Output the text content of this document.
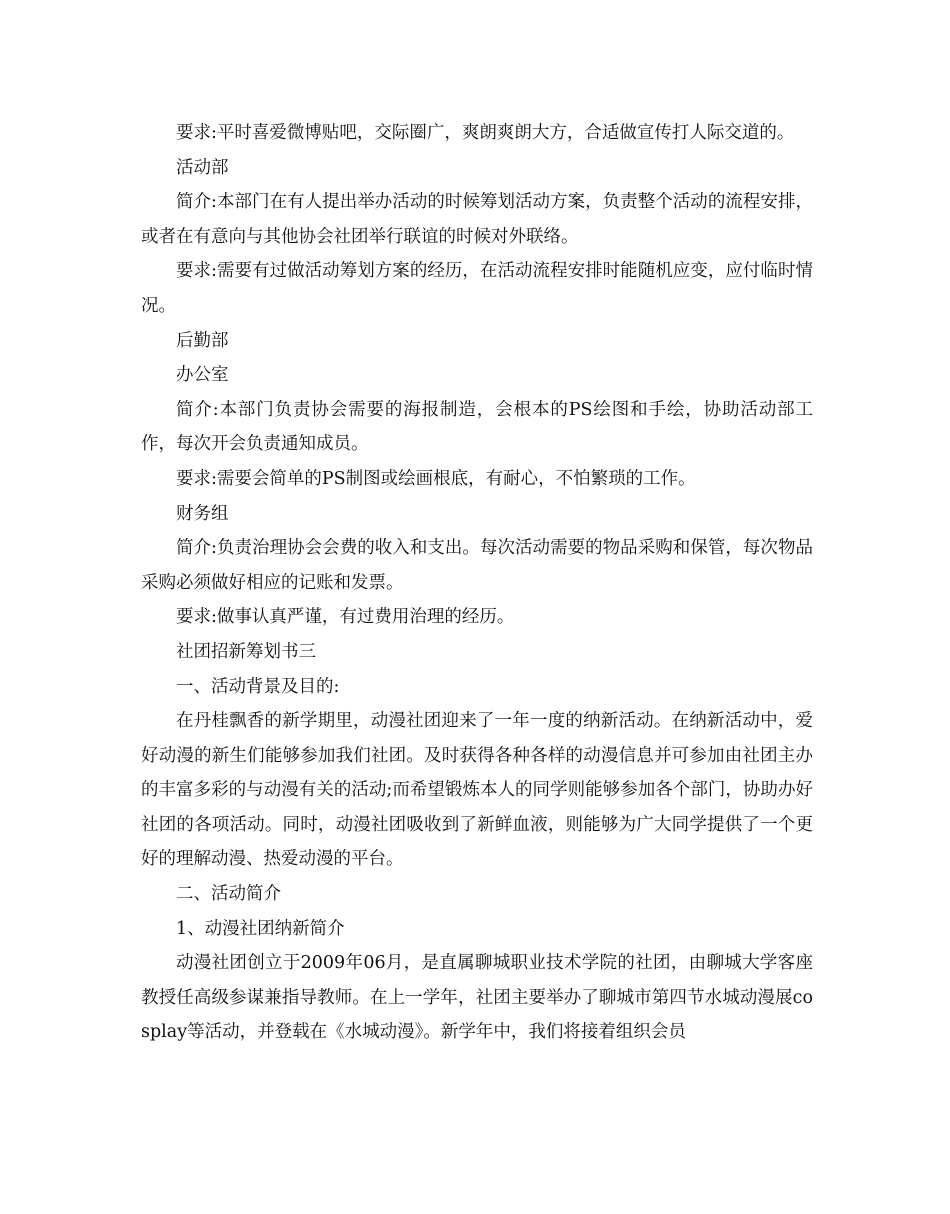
要求:平时喜爱微博贴吧，交际圈广，爽朗爽朗大方，合适做宣传打人际交道的。

活动部

简介:本部门在有人提出举办活动的时候筹划活动方案，负责整个活动的流程安排，或者在有意向与其他协会社团举行联谊的时候对外联络。

要求:需要有过做活动筹划方案的经历，在活动流程安排时能随机应变，应付临时情况。

后勤部

办公室

简介:本部门负责协会需要的海报制造，会根本的PS绘图和手绘，协助活动部工作，每次开会负责通知成员。

要求:需要会简单的PS制图或绘画根底，有耐心，不怕繁琐的工作。

财务组

简介:负责治理协会会费的收入和支出。每次活动需要的物品采购和保管，每次物品采购必须做好相应的记账和发票。

要求:做事认真严谨，有过费用治理的经历。

社团招新筹划书三

一、活动背景及目的:

在丹桂飘香的新学期里，动漫社团迎来了一年一度的纳新活动。在纳新活动中，爱好动漫的新生们能够参加我们社团。及时获得各种各样的动漫信息并可参加由社团主办的丰富多彩的与动漫有关的活动;而希望锻炼本人的同学则能够参加各个部门，协助办好社团的各项活动。同时，动漫社团吸收到了新鲜血液，则能够为广大同学提供了一个更好的理解动漫、热爱动漫的平台。

二、活动简介

1、动漫社团纳新简介

动漫社团创立于2009年06月，是直属聊城职业技术学院的社团，由聊城大学客座教授任高级参谋兼指导教师。在上一学年，社团主要举办了聊城市第四节水城动漫展cosplay等活动，并登载在《水城动漫》。新学年中，我们将接着组织会员
